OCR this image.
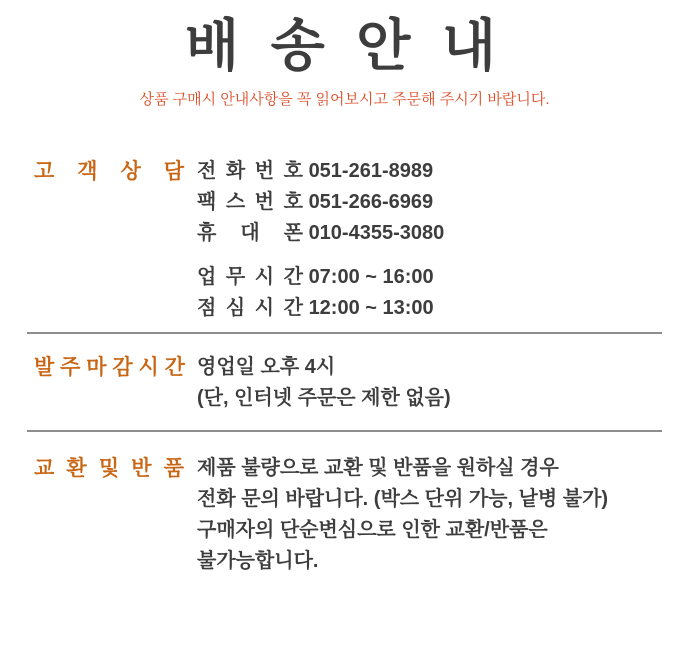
배 송 안 내

상품 구매시 안내사항을 꼭 읽어보시고 주문해 주시기 바랍니다.

고 객 상 담 전 화 번 호 051-261-8989
팩 스 번 호 051-266-6969
휴 대 폰 010-4355-3080
업 무 시 간 07:00 ~ 16:00
점 심 시 간 12:00 ~ 13:00
발 주 마 감 시 간 영업일 오후 4시
(단, 인터넷 주문은 제한 없음)
교 환 및 반 품 제품 불량으로 교환 및 반품을 원하실 경우
전화 문의 바랍니다. (박스 단위 가능, 낱병 불가)
구매자의 단순변심으로 인한 교환/반품은
불가능합니다.
